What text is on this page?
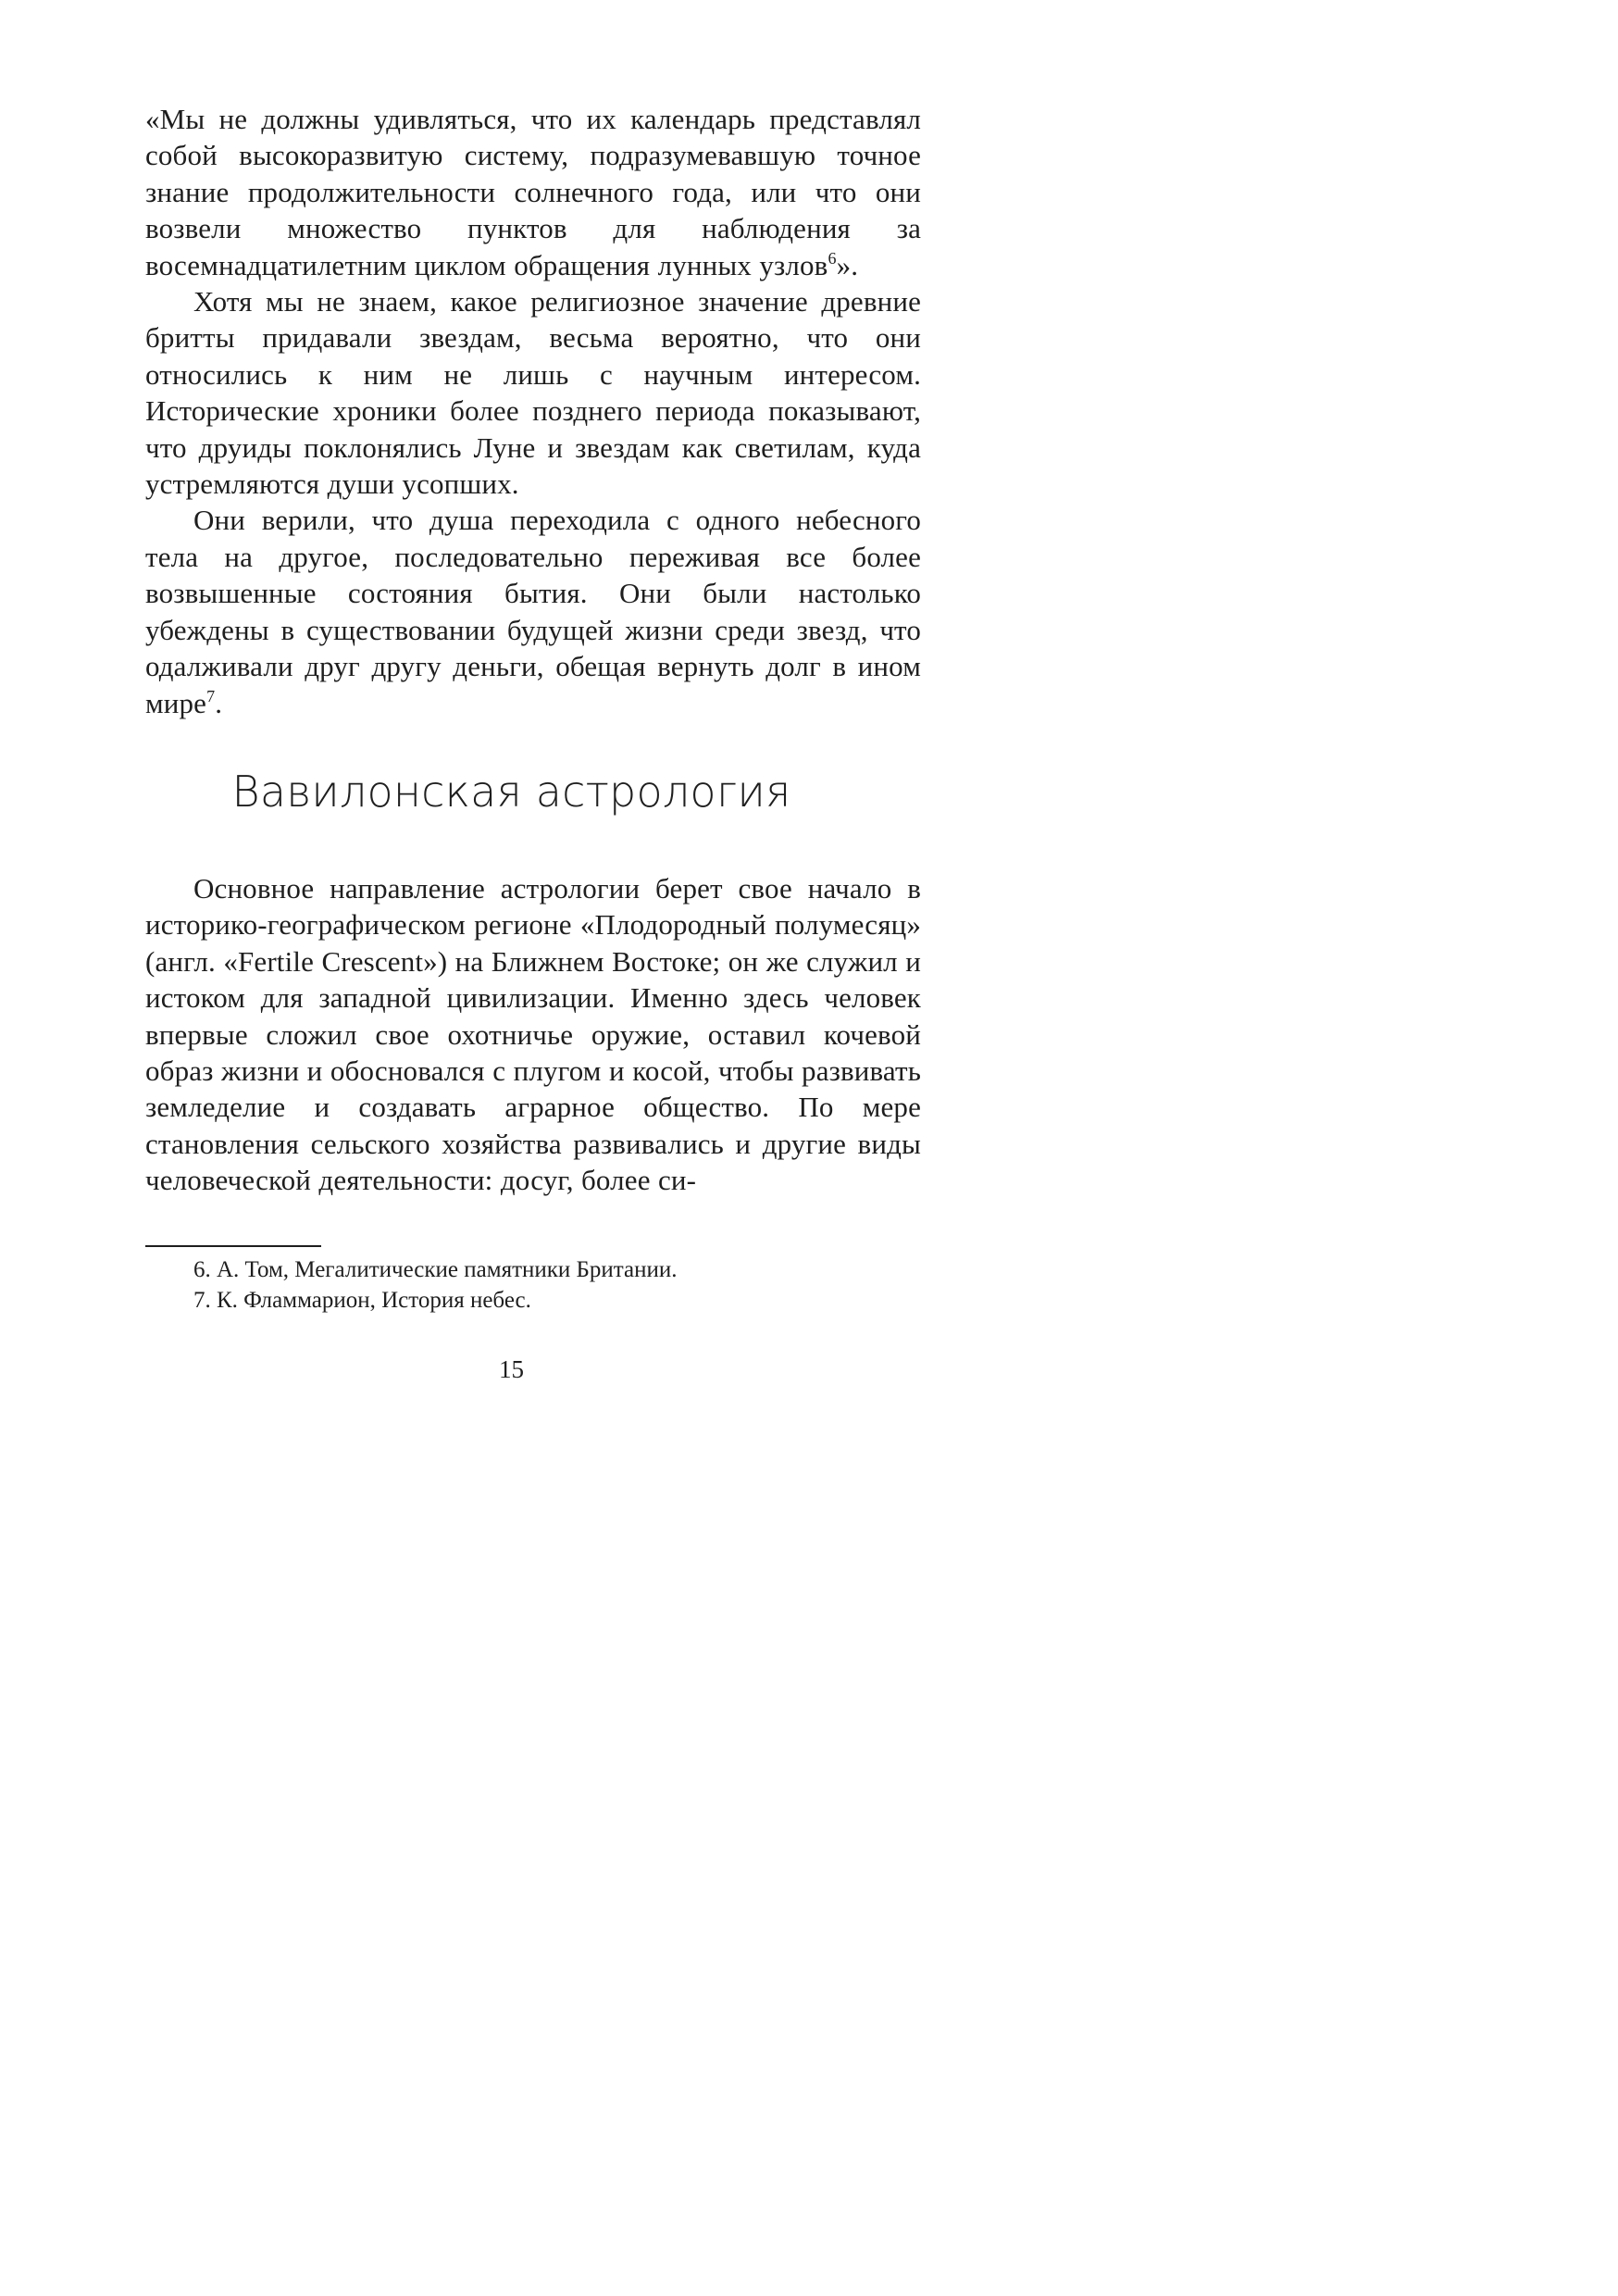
«Мы не должны удивляться, что их календарь представлял собой высокоразвитую систему, подразумевавшую точное знание продолжительности солнечного года, или что они возвели множество пунктов для наблюдения за восемнадцатилетним циклом обращения лунных узлов$^6$».

Хотя мы не знаем, какое религиозное значение древние бритты придавали звездам, весьма вероятно, что они относились к ним не лишь с научным интересом. Исторические хроники более позднего периода показывают, что друиды поклонялись Луне и звездам как светилам, куда устремляются души усопших.

Они верили, что душа переходила с одного небесного тела на другое, последовательно переживая все более возвышенные состояния бытия. Они были настолько убеждены в существовании будущей жизни среди звезд, что одалживали друг другу деньги, обещая вернуть долг в ином мире$^7$.

Вавилонская астрология

Основное направление астрологии берет свое начало в историко-географическом регионе «Плодородный полумесяц» (англ. «Fertile Crescent») на Ближнем Востоке; он же служил и истоком для западной цивилизации. Именно здесь человек впервые сложил свое охотничье оружие, оставил кочевой образ жизни и обосновался с плугом и косой, чтобы развивать земледелие и создавать аграрное общество. По мере становления сельского хозяйства развивались и другие виды человеческой деятельности: досуг, более си-

6. А. Том, Мегалитические памятники Британии.

7. К. Фламмарион, История небес.

15
